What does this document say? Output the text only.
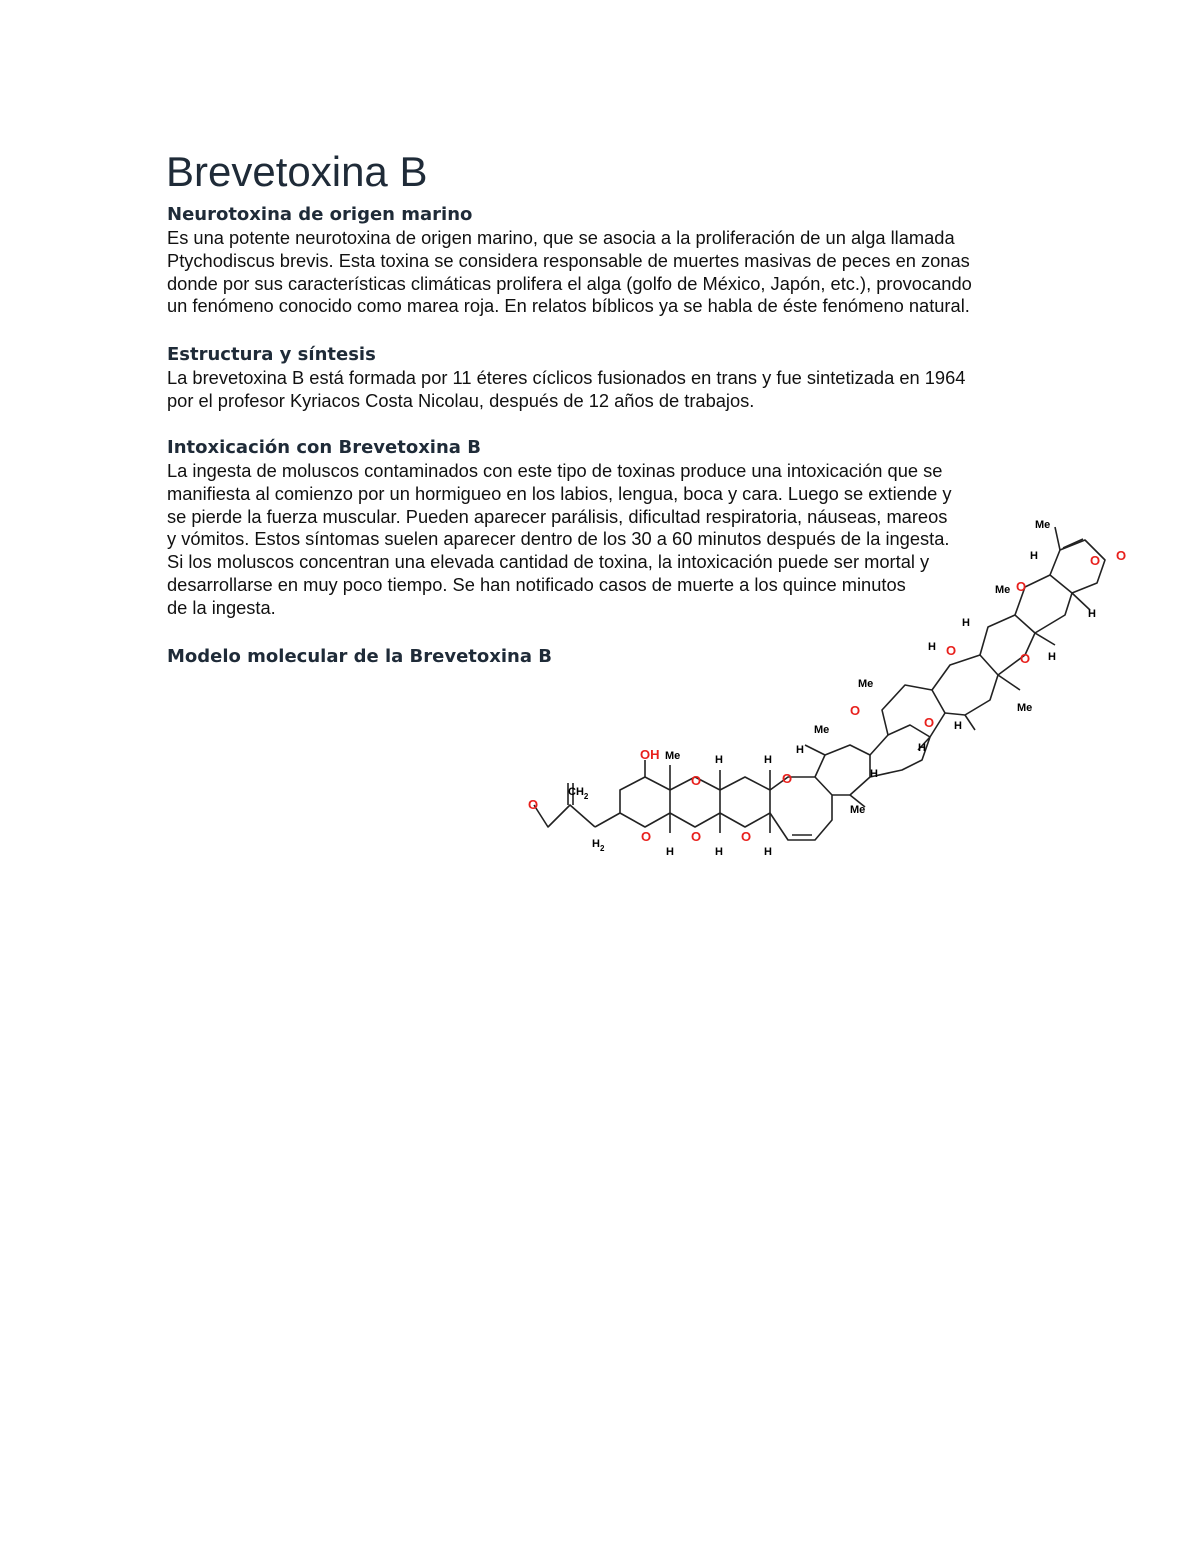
Brevetoxina B
Neurotoxina de origen marino
Es una potente neurotoxina de origen marino, que se asocia a la proliferación de un alga llamada
Ptychodiscus brevis. Esta toxina se considera responsable de muertes masivas de peces en zonas
donde por sus características climáticas prolifera el alga (golfo de México, Japón, etc.), provocando
un fenómeno conocido como marea roja. En relatos bíblicos ya se habla de éste fenómeno natural.
Estructura y síntesis
La brevetoxina B está formada por 11 éteres cíclicos fusionados en trans y fue sintetizada en 1964
por el profesor Kyriacos Costa Nicolau, después de 12 años de trabajos.
Intoxicación con Brevetoxina B
La ingesta de moluscos contaminados con este tipo de toxinas produce una intoxicación que se
manifiesta al comienzo por un hormigueo en los labios, lengua, boca y cara. Luego se extiende y
se pierde la fuerza muscular. Pueden aparecer parálisis, dificultad respiratoria, náuseas, mareos
y vómitos. Estos síntomas suelen aparecer dentro de los 30 a 60 minutos después de la ingesta.
Si los moluscos concentran una elevada cantidad de toxina, la intoxicación puede ser mortal y
desarrollarse en muy poco tiempo. Se han notificado casos de muerte a los quince minutos
de la ingesta.
Modelo molecular de la Brevetoxina B
O
OH
O
O
O	O
O
O
O
O
O
O
O O
$CH_2$
$H_2$
Me	H	H
H	H	H
H
Me
Me
Me
H
H
H
H
H
Me
Me
H
H
H
Me
